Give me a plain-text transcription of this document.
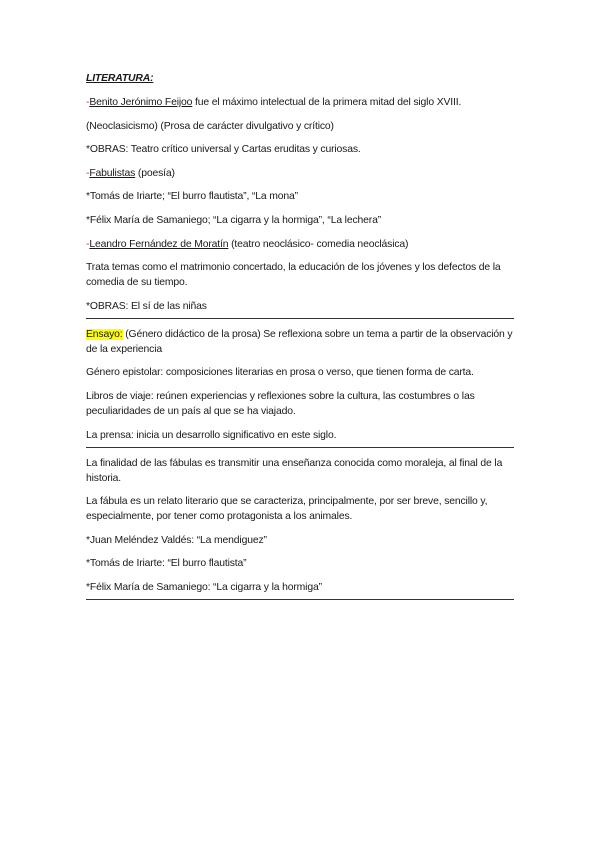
LITERATURA:

-Benito Jerónimo Feijoo fue el máximo intelectual de la primera mitad del siglo XVIII.

(Neoclasicismo) (Prosa de carácter divulgativo y crítico)

*OBRAS: Teatro crítico universal y Cartas eruditas y curiosas.

-Fabulistas (poesía)

*Tomás de Iriarte; “El burro flautista”, “La mona”

*Félix María de Samaniego; “La cigarra y la hormiga”, “La lechera”

-Leandro Fernández de Moratín (teatro neoclásico- comedia neoclásica)

Trata temas como el matrimonio concertado, la educación de los jóvenes y los defectos de la comedia de su tiempo.

*OBRAS: El sí de las niñas

Ensayo: (Género didáctico de la prosa) Se reflexiona sobre un tema a partir de la observación y de la experiencia

Género epistolar: composiciones literarias en prosa o verso, que tienen forma de carta.

Libros de viaje: reúnen experiencias y reflexiones sobre la cultura, las costumbres o las peculiaridades de un país al que se ha viajado.

La prensa: inicia un desarrollo significativo en este siglo.

La finalidad de las fábulas es transmitir una enseñanza conocida como moraleja, al final de la historia.

La fábula es un relato literario que se caracteriza, principalmente, por ser breve, sencillo y, especialmente, por tener como protagonista a los animales.

*Juan Meléndez Valdés: “La mendiguez”

*Tomás de Iriarte: “El burro flautista”

*Félix María de Samaniego: “La cigarra y la hormiga”
